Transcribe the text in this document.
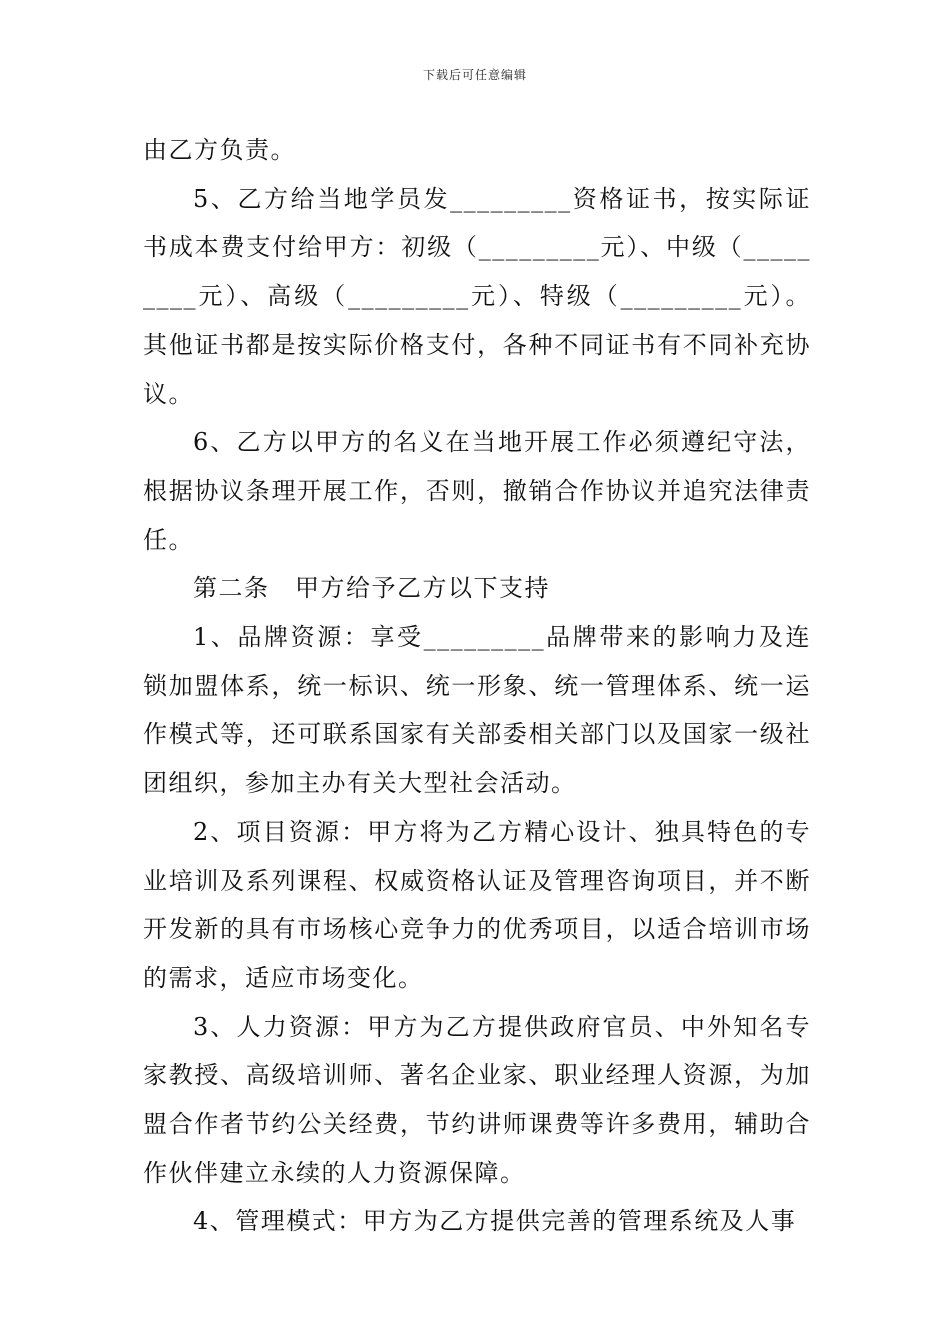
下载后可任意编辑

由乙方负责。

5、乙方给当地学员发_________资格证书，按实际证书成本费支付给甲方：初级（_________元）、中级（_________元）、高级（_________元）、特级（_________元）。其他证书都是按实际价格支付，各种不同证书有不同补充协议。

6、乙方以甲方的名义在当地开展工作必须遵纪守法，根据协议条理开展工作，否则，撤销合作协议并追究法律责任。

第二条　甲方给予乙方以下支持

1、品牌资源：享受_________品牌带来的影响力及连锁加盟体系，统一标识、统一形象、统一管理体系、统一运作模式等，还可联系国家有关部委相关部门以及国家一级社团组织，参加主办有关大型社会活动。

2、项目资源：甲方将为乙方精心设计、独具特色的专业培训及系列课程、权威资格认证及管理咨询项目，并不断开发新的具有市场核心竞争力的优秀项目，以适合培训市场的需求，适应市场变化。

3、人力资源：甲方为乙方提供政府官员、中外知名专家教授、高级培训师、著名企业家、职业经理人资源，为加盟合作者节约公关经费，节约讲师课费等许多费用，辅助合作伙伴建立永续的人力资源保障。

4、管理模式：甲方为乙方提供完善的管理系统及人事
